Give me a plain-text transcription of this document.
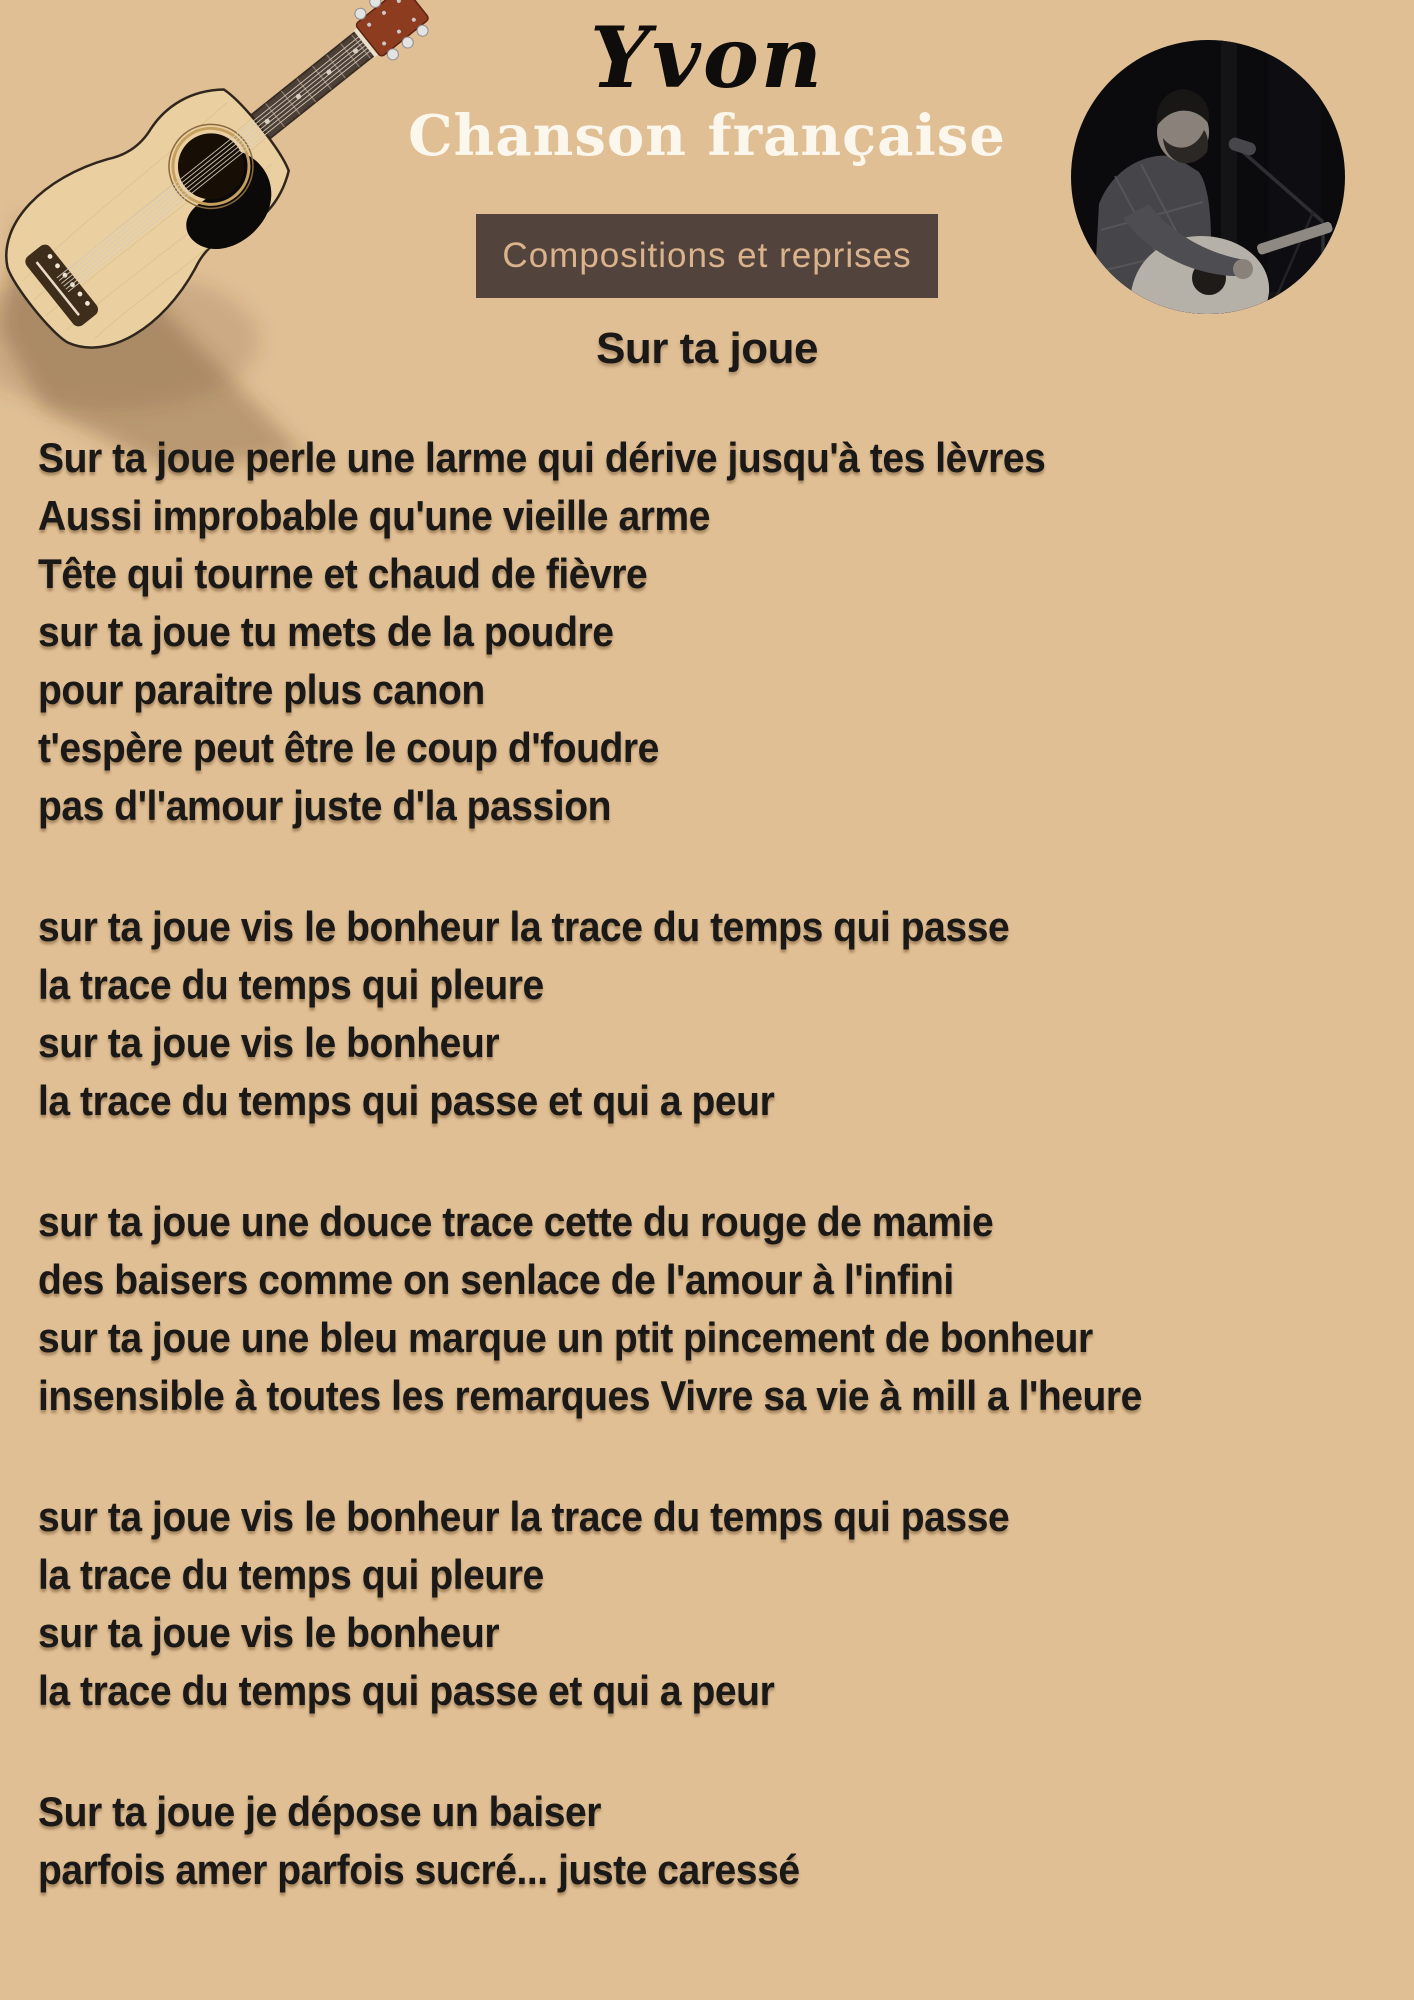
Yvon
Chanson française
Compositions et reprises
Sur ta joue
Sur ta joue perle une larme qui dérive jusqu'à tes lèvres
Aussi improbable qu'une vieille arme
Tête qui tourne et chaud de fièvre
sur ta joue tu mets de la poudre
pour paraitre plus canon
t'espère peut être le coup d'foudre
pas d'l'amour juste d'la passion
sur ta joue vis le bonheur la trace du temps qui passe
la trace du temps qui pleure
sur ta joue vis le bonheur
la trace du temps qui passe et qui a peur
sur ta joue une douce trace cette du rouge de mamie
des baisers comme on senlace de l'amour à l'infini
sur ta joue une bleu marque un ptit pincement de bonheur
insensible à toutes les remarques Vivre sa vie à mill a l'heure
sur ta joue vis le bonheur la trace du temps qui passe
la trace du temps qui pleure
sur ta joue vis le bonheur
la trace du temps qui passe et qui a peur
Sur ta joue je dépose un baiser
parfois amer parfois sucré... juste caressé
